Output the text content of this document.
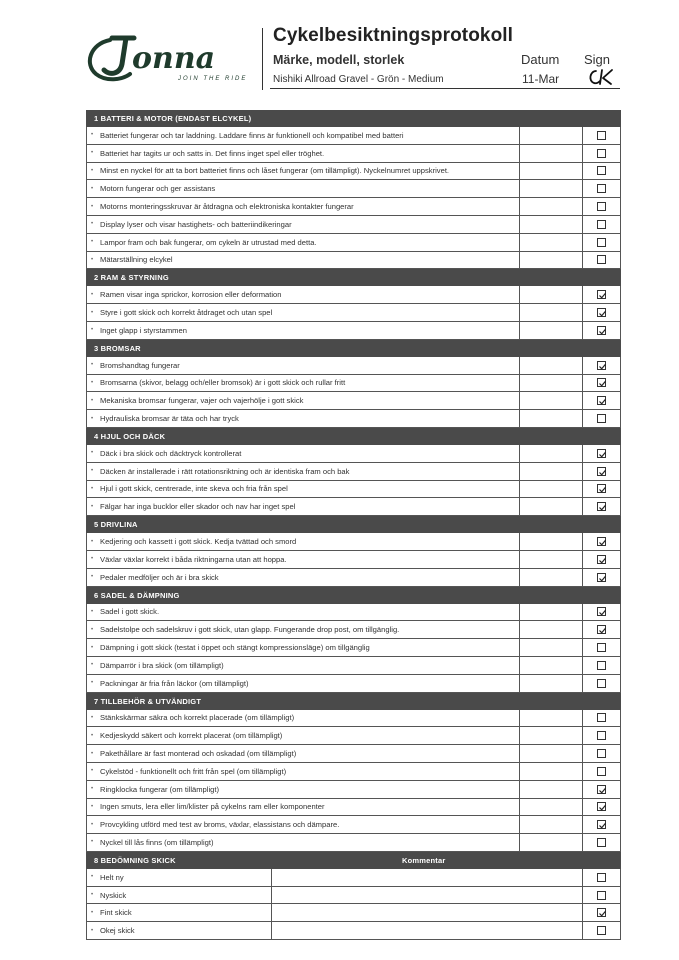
onna
JOIN THE RIDE
Cykelbesiktningsprotokoll
Märke, modell, storlek
Nishiki Allroad Gravel - Grön - Medium
Datum
11-Mar
Sign
1 BATTERI & MOTOR (ENDAST ELCYKEL)
• Batteriet fungerar och tar laddning. Laddare finns är funktionell och kompatibel med batteri
• Batteriet har tagits ur och satts in. Det finns inget spel eller tröghet.
• Minst en nyckel för att ta bort batteriet finns och låset fungerar (om tillämpligt). Nyckelnumret uppskrivet.
• Motorn fungerar och ger assistans
• Motorns monteringsskruvar är åtdragna och elektroniska kontakter fungerar
• Display lyser och visar hastighets- och batteriindikeringar
• Lampor fram och bak fungerar, om cykeln är utrustad med detta.
• Mätarställning elcykel
2 RAM & STYRNING
• Ramen visar inga sprickor, korrosion eller deformation
• Styre i gott skick och korrekt åtdraget och utan spel
• Inget glapp i styrstammen
3 BROMSAR
• Bromshandtag fungerar
• Bromsarna (skivor, belagg och/eller bromsok) är i gott skick och rullar fritt
• Mekaniska bromsar fungerar, vajer och vajerhölje i gott skick
• Hydrauliska bromsar är täta och har tryck
4 HJUL OCH DÄCK
• Däck i bra skick och däcktryck kontrollerat
• Däcken är installerade i rätt rotationsriktning och är identiska fram och bak
• Hjul i gott skick, centrerade, inte skeva och fria från spel
• Fälgar har inga bucklor eller skador och nav har inget spel
5 DRIVLINA
• Kedjering och kassett i gott skick. Kedja tvättad och smord
• Växlar växlar korrekt i båda riktningarna utan att hoppa.
• Pedaler medföljer och är i bra skick
6 SADEL & DÄMPNING
• Sadel i gott skick.
• Sadelstolpe och sadelskruv i gott skick, utan glapp. Fungerande drop post, om tillgänglig.
• Dämpning i gott skick (testat i öppet och stängt kompressionsläge) om tillgänglig
• Dämparrör i bra skick (om tillämpligt)
• Packningar är fria från läckor (om tillämpligt)
7 TILLBEHÖR & UTVÄNDIGT
• Stänkskärmar säkra och korrekt placerade (om tillämpligt)
• Kedjeskydd säkert och korrekt placerat (om tillämpligt)
• Pakethållare är fast monterad och oskadad (om tillämpligt)
• Cykelstöd - funktionellt och fritt från spel (om tillämpligt)
• Ringklocka fungerar (om tillämpligt)
• Ingen smuts, lera eller lim/klister på cykelns ram eller komponenter
• Provcykling utförd med test av broms, växlar, elassistans och dämpare.
• Nyckel till lås finns (om tillämpligt)
8 BEDÖMNING SKICK	Kommentar
• Helt ny
• Nyskick
• Fint skick
• Okej skick
